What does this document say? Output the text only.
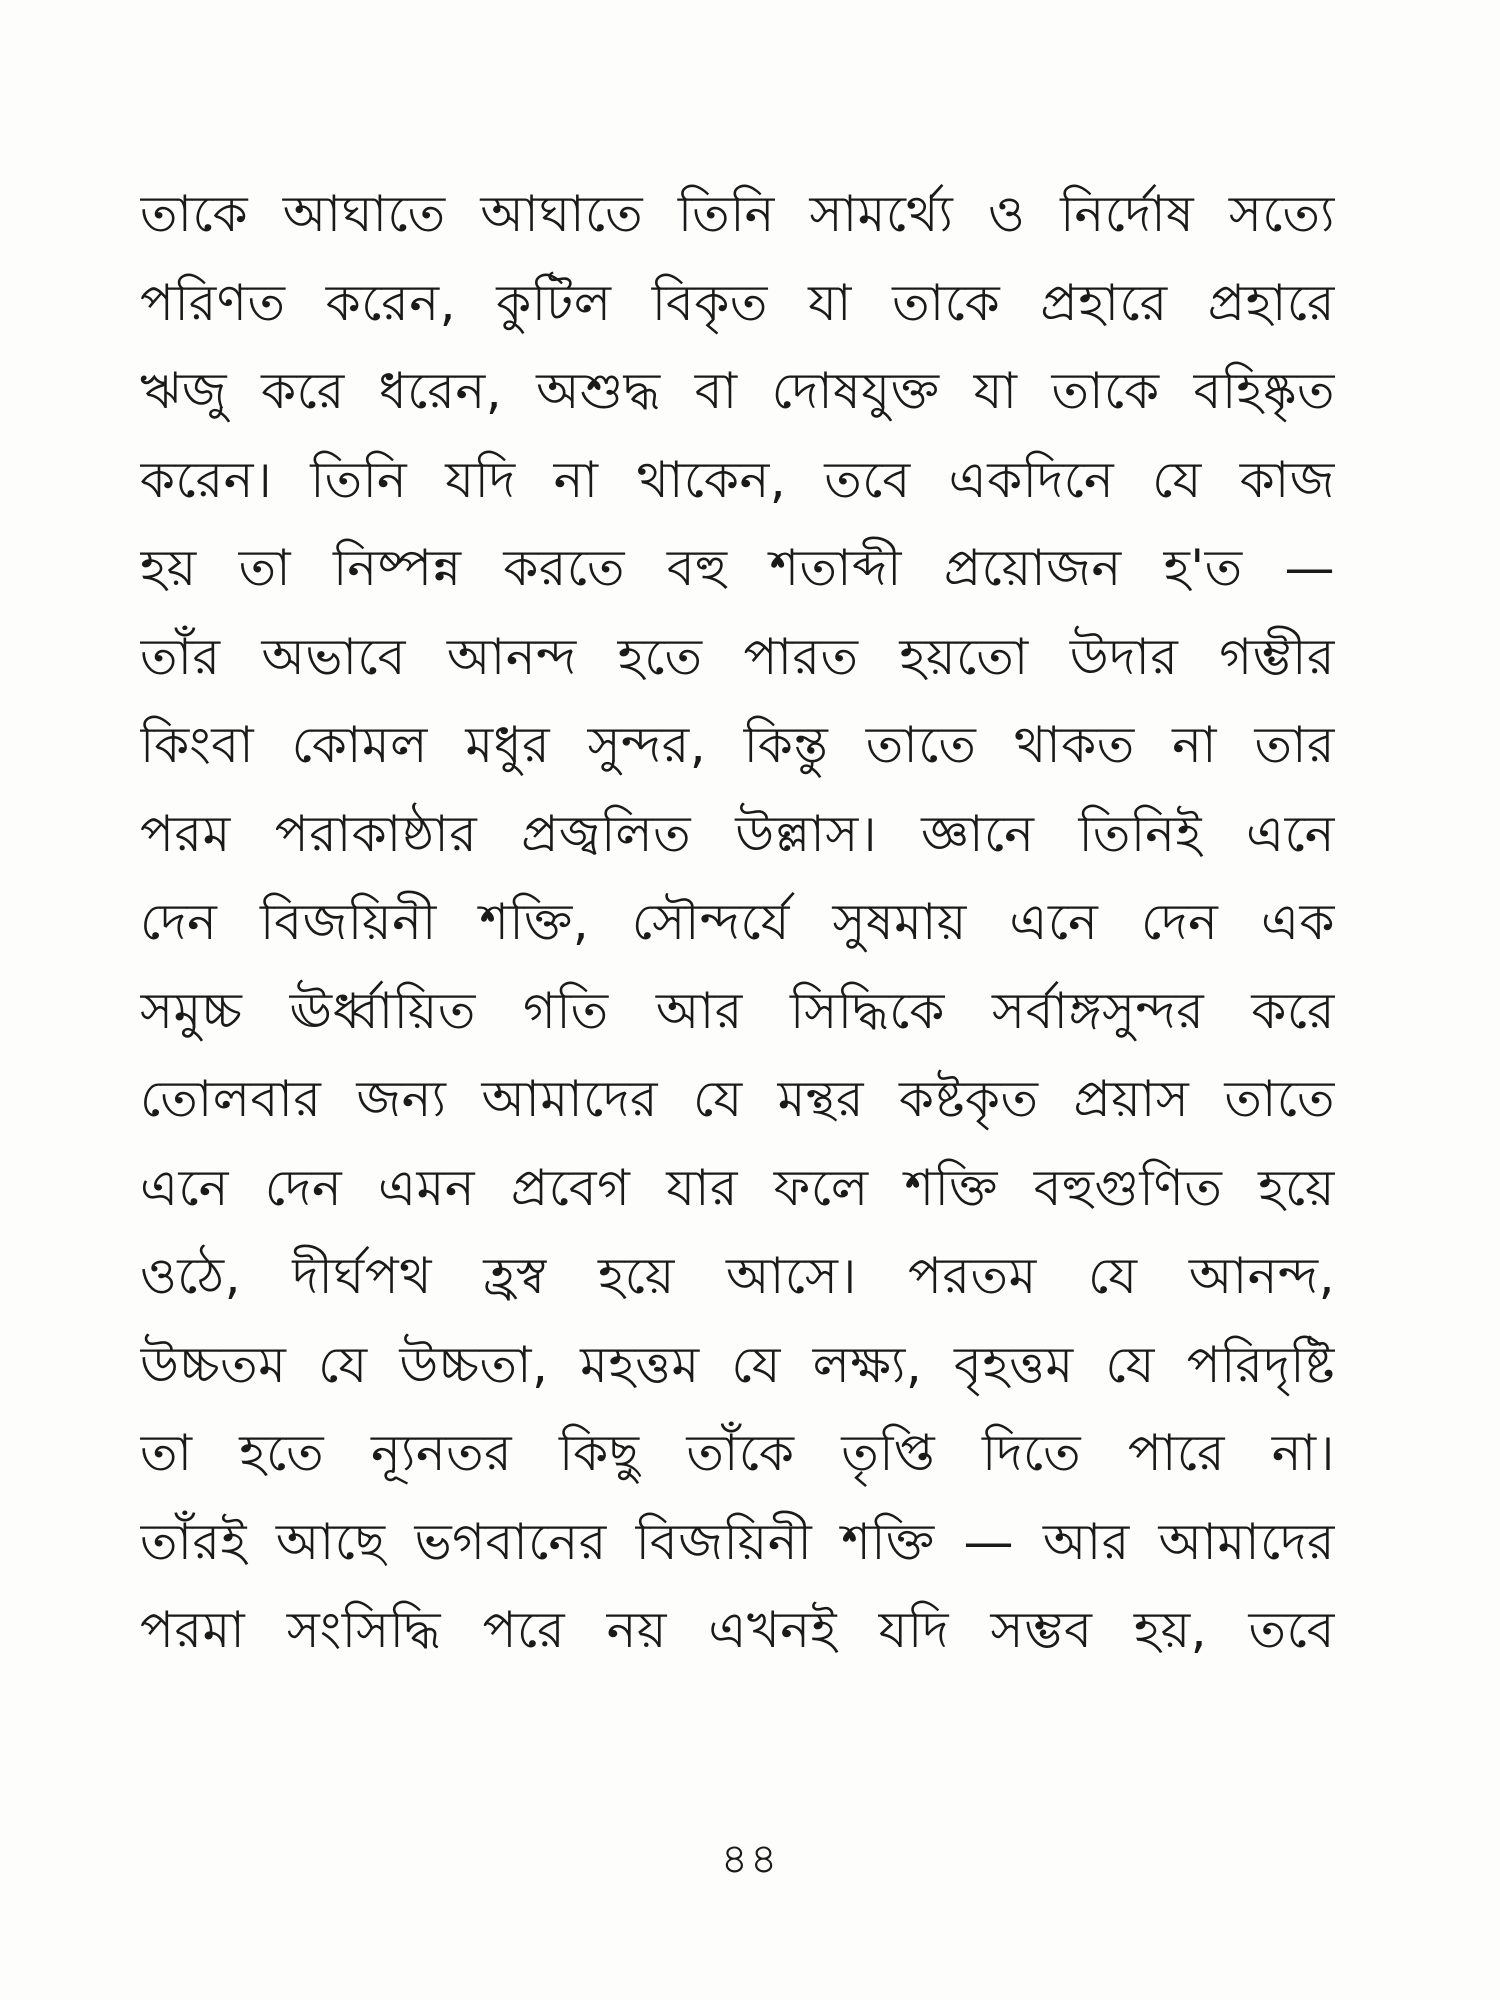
তাকে আঘাতে আঘাতে তিনি সামর্থ্যে ও নির্দোষ সত্যে
পরিণত করেন, কুটিল বিকৃত যা তাকে প্রহারে প্রহারে
ঋজু করে ধরেন, অশুদ্ধ বা দোষযুক্ত যা তাকে বহিষ্কৃত
করেন। তিনি যদি না থাকেন, তবে একদিনে যে কাজ
হয় তা নিষ্পন্ন করতে বহু শতাব্দী প্রয়োজন হ'ত —
তাঁর অভাবে আনন্দ হতে পারত হয়তো উদার গম্ভীর
কিংবা কোমল মধুর সুন্দর, কিন্তু তাতে থাকত না তার
পরম পরাকাষ্ঠার প্রজ্বলিত উল্লাস। জ্ঞানে তিনিই এনে
দেন বিজয়িনী শক্তি, সৌন্দর্যে সুষমায় এনে দেন এক
সমুচ্চ ঊর্ধ্বায়িত গতি আর সিদ্ধিকে সর্বাঙ্গসুন্দর করে
তোলবার জন্য আমাদের যে মন্থর কষ্টকৃত প্রয়াস তাতে
এনে দেন এমন প্রবেগ যার ফলে শক্তি বহুগুণিত হয়ে
ওঠে, দীর্ঘপথ হ্রস্ব হয়ে আসে। পরতম যে আনন্দ,
উচ্চতম যে উচ্চতা, মহত্তম যে লক্ষ্য, বৃহত্তম যে পরিদৃষ্টি
তা হতে ন্যূনতর কিছু তাঁকে তৃপ্তি দিতে পারে না।
তাঁরই আছে ভগবানের বিজয়িনী শক্তি — আর আমাদের
পরমা সংসিদ্ধি পরে নয় এখনই যদি সম্ভব হয়, তবে
৪৪
